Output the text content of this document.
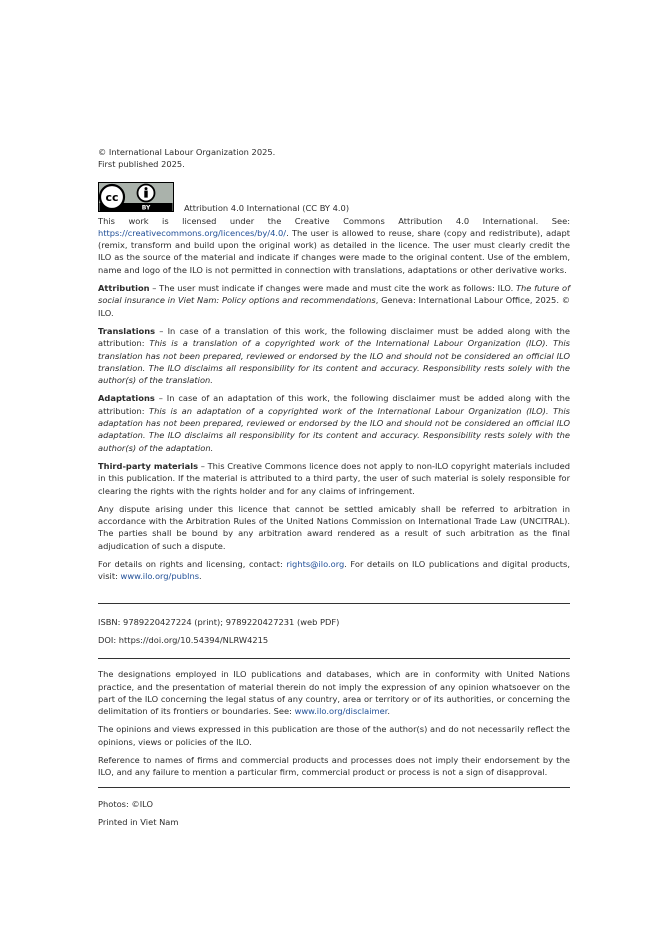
© International Labour Organization 2025.

First published 2025.

cc
BY	Attribution 4.0 International (CC BY 4.0)

This work is licensed under the Creative Commons Attribution 4.0 International. See: https://creativecommons.org/licences/by/4.0/. The user is allowed to reuse, share (copy and redistribute), adapt (remix, transform and build upon the original work) as detailed in the licence. The user must clearly credit the ILO as the source of the material and indicate if changes were made to the original content. Use of the emblem, name and logo of the ILO is not permitted in connection with translations, adaptations or other derivative works.

Attribution – The user must indicate if changes were made and must cite the work as follows: ILO. The future of social insurance in Viet Nam: Policy options and recommendations, Geneva: International Labour Office, 2025. © ILO.

Translations – In case of a translation of this work, the following disclaimer must be added along with the attribution: This is a translation of a copyrighted work of the International Labour Organization (ILO). This translation has not been prepared, reviewed or endorsed by the ILO and should not be considered an official ILO translation. The ILO disclaims all responsibility for its content and accuracy. Responsibility rests solely with the author(s) of the translation.

Adaptations – In case of an adaptation of this work, the following disclaimer must be added along with the attribution: This is an adaptation of a copyrighted work of the International Labour Organization (ILO). This adaptation has not been prepared, reviewed or endorsed by the ILO and should not be considered an official ILO adaptation. The ILO disclaims all responsibility for its content and accuracy. Responsibility rests solely with the author(s) of the adaptation.

Third-party materials – This Creative Commons licence does not apply to non-ILO copyright materials included in this publication. If the material is attributed to a third party, the user of such material is solely responsible for clearing the rights with the rights holder and for any claims of infringement.

Any dispute arising under this licence that cannot be settled amicably shall be referred to arbitration in accordance with the Arbitration Rules of the United Nations Commission on International Trade Law (UNCITRAL). The parties shall be bound by any arbitration award rendered as a result of such arbitration as the final adjudication of such a dispute.

For details on rights and licensing, contact: rights@ilo.org. For details on ILO publications and digital products, visit: www.ilo.org/publns.

ISBN: 9789220427224 (print); 9789220427231 (web PDF)

DOI: https://doi.org/10.54394/NLRW4215

The designations employed in ILO publications and databases, which are in conformity with United Nations practice, and the presentation of material therein do not imply the expression of any opinion whatsoever on the part of the ILO concerning the legal status of any country, area or territory or of its authorities, or concerning the delimitation of its frontiers or boundaries. See: www.ilo.org/disclaimer.

The opinions and views expressed in this publication are those of the author(s) and do not necessarily reflect the opinions, views or policies of the ILO.

Reference to names of firms and commercial products and processes does not imply their endorsement by the ILO, and any failure to mention a particular firm, commercial product or process is not a sign of disapproval.

Photos: ©ILO

Printed in Viet Nam
